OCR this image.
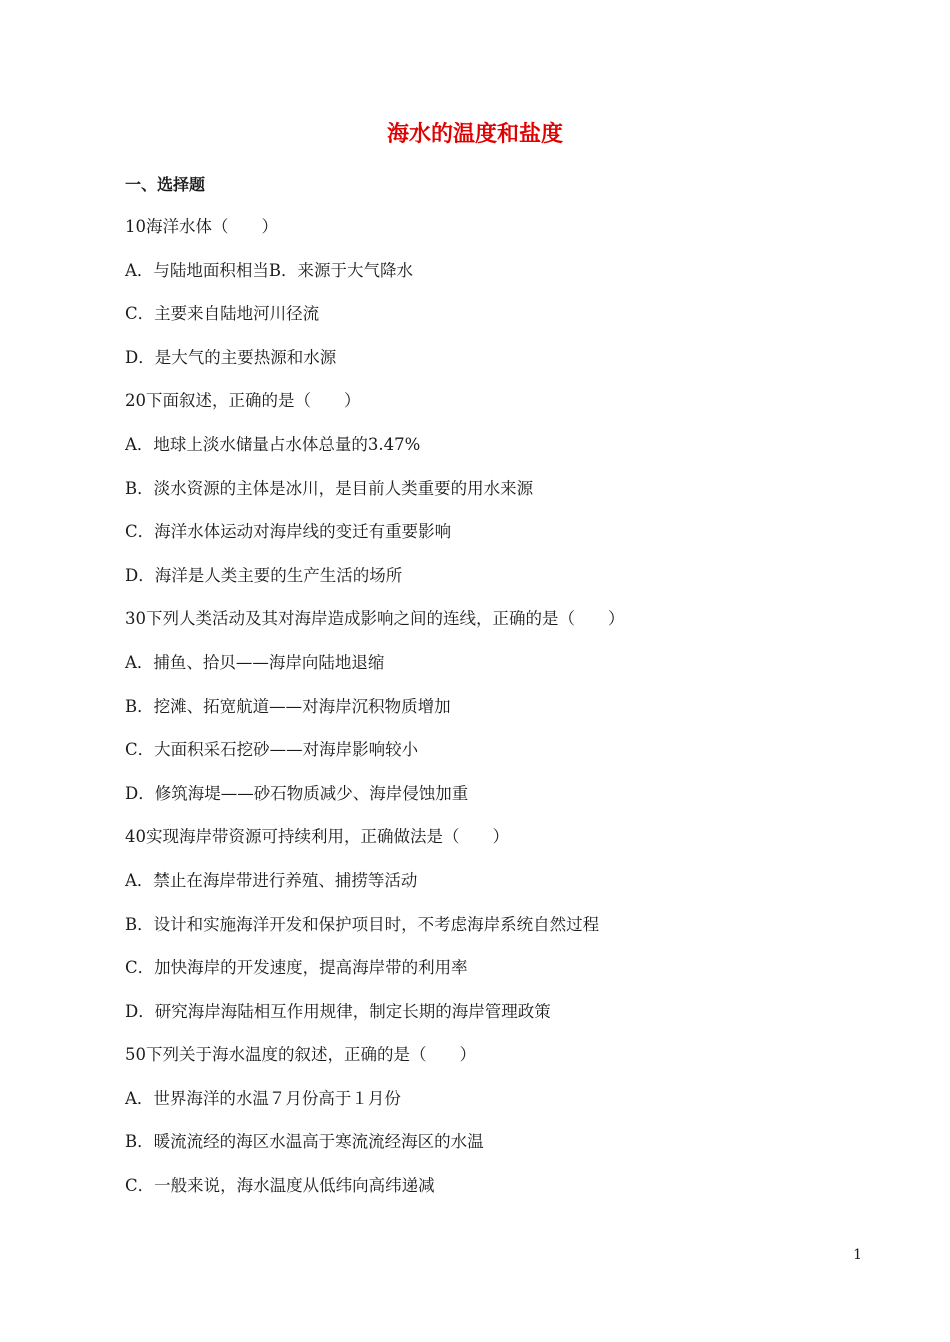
海水的温度和盐度
一、选择题
10海洋水体（　　）
A．与陆地面积相当B．来源于大气降水
C．主要来自陆地河川径流
D．是大气的主要热源和水源
20下面叙述，正确的是（　　）
A．地球上淡水储量占水体总量的3.47%
B．淡水资源的主体是冰川，是目前人类重要的用水来源
C．海洋水体运动对海岸线的变迁有重要影响
D．海洋是人类主要的生产生活的场所
30下列人类活动及其对海岸造成影响之间的连线，正确的是（　　）
A．捕鱼、拾贝——海岸向陆地退缩
B．挖滩、拓宽航道——对海岸沉积物质增加
C．大面积采石挖砂——对海岸影响较小
D．修筑海堤——砂石物质减少、海岸侵蚀加重
40实现海岸带资源可持续利用，正确做法是（　　）
A．禁止在海岸带进行养殖、捕捞等活动
B．设计和实施海洋开发和保护项目时，不考虑海岸系统自然过程
C．加快海岸的开发速度，提高海岸带的利用率
D．研究海岸海陆相互作用规律，制定长期的海岸管理政策
50下列关于海水温度的叙述，正确的是（　　）
A．世界海洋的水温７月份高于１月份
B．暖流流经的海区水温高于寒流流经海区的水温
C．一般来说，海水温度从低纬向高纬递减
1
